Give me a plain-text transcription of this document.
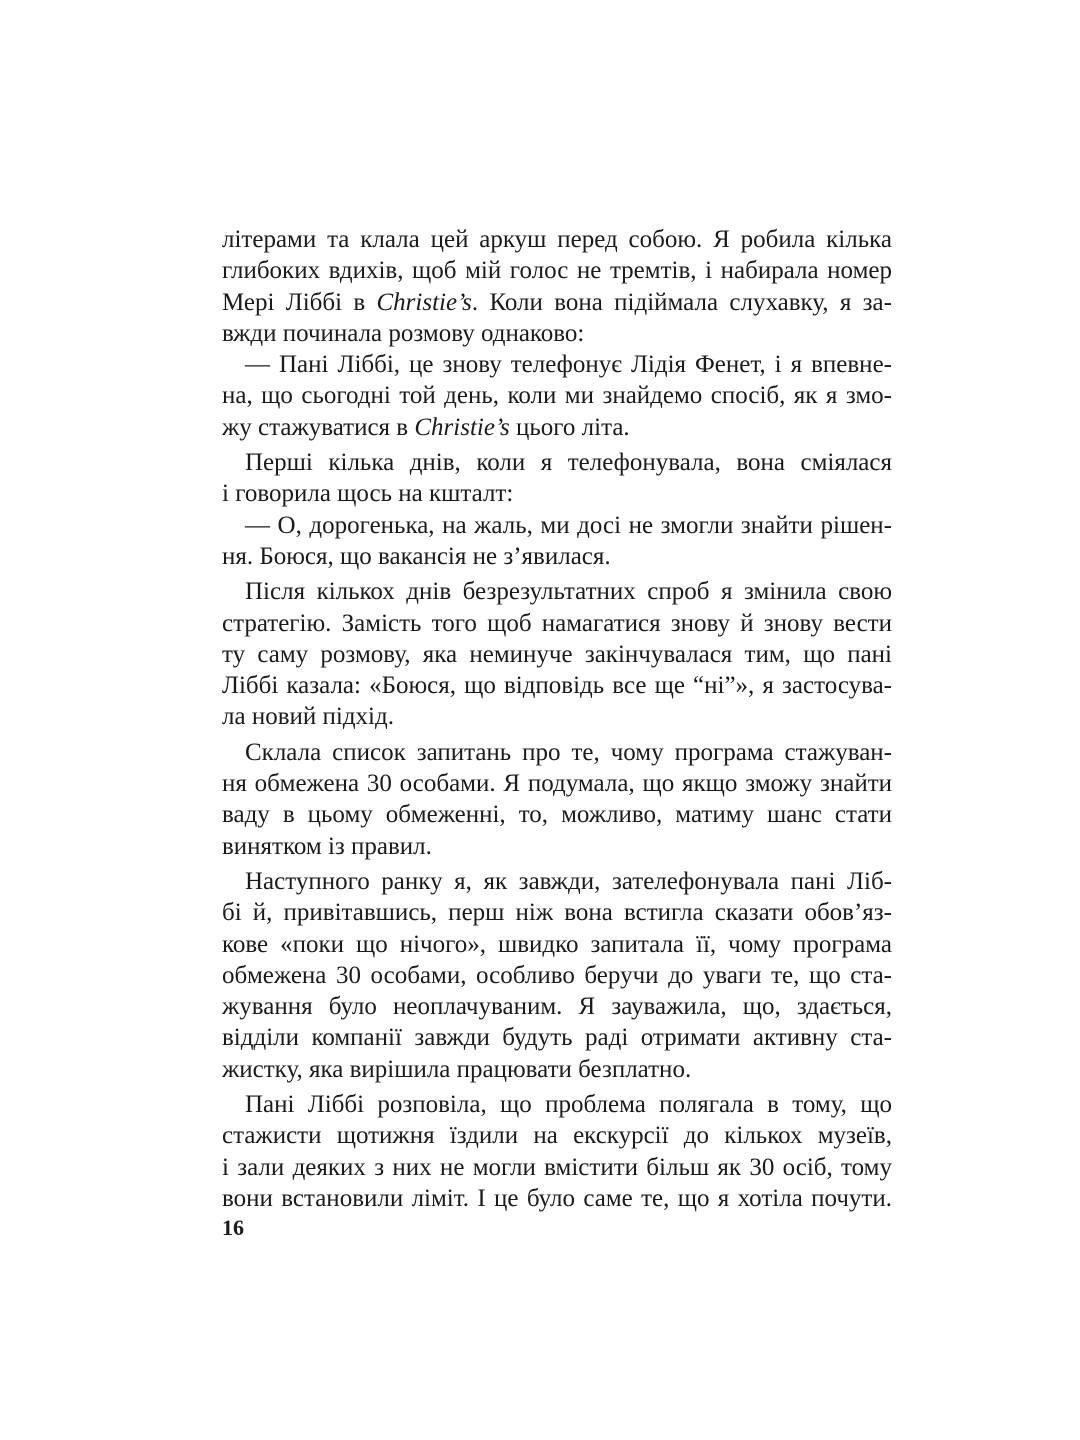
літерами та клала цей аркуш перед собою. Я робила кілька
глибоких вдихів, щоб мій голос не тремтів, і набирала номер
Мері Ліббі в Christie’s. Коли вона підіймала слухавку, я за-
вжди починала розмову однаково:
— Пані Ліббі, це знову телефонує Лідія Фенет, і я впевне-
на, що сьогодні той день, коли ми знайдемо спосіб, як я змо-
жу стажуватися в Christie’s цього літа.
Перші кілька днів, коли я телефонувала, вона сміялася
і говорила щось на кшталт:
— О, дорогенька, на жаль, ми досі не змогли знайти рішен-
ня. Боюся, що вакансія не з’явилася.
Після кількох днів безрезультатних спроб я змінила свою
стратегію. Замість того щоб намагатися знову й знову вести
ту саму розмову, яка неминуче закінчувалася тим, що пані
Ліббі казала: «Боюся, що відповідь все ще “ні”», я застосува-
ла новий підхід.
Склала список запитань про те, чому програма стажуван-
ня обмежена 30 особами. Я подумала, що якщо зможу знайти
ваду в цьому обмеженні, то, можливо, матиму шанс стати
винятком із правил.
Наступного ранку я, як завжди, зателефонувала пані Ліб-
бі й, привітавшись, перш ніж вона встигла сказати обов’яз-
кове «поки що нічого», швидко запитала її, чому програма
обмежена 30 особами, особливо беручи до уваги те, що ста-
жування було неоплачуваним. Я зауважила, що, здається,
відділи компанії завжди будуть раді отримати активну ста-
жистку, яка вирішила працювати безплатно.
Пані Ліббі розповіла, що проблема полягала в тому, що
стажисти щотижня їздили на екскурсії до кількох музеїв,
і зали деяких з них не могли вмістити більш як 30 осіб, тому
вони встановили ліміт. І це було саме те, що я хотіла почути.
16
